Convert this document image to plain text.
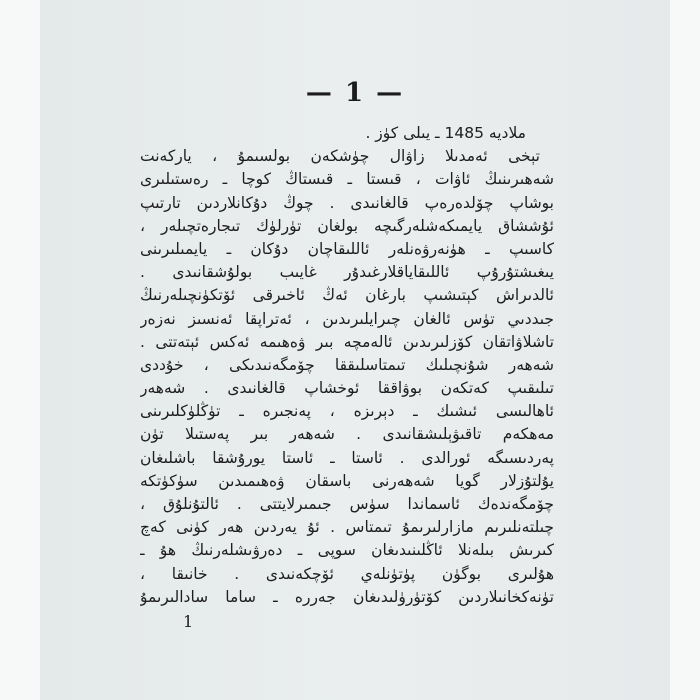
— 1 —
ملادیه 1485 ـ يىلى كۈز .
تېخى ئەمدىلا زاۋال چۈشكەن بولسىمۇ ، ياركەنت
شەھىرىنىڭ ئاۋات ، قىستا ـ قىستاڭ كوچا ـ رەستىلىرى
بوشاپ چۆلدەرەپ قالغانىدى . چوڭ دۇكانلاردىن تارتىپ
ئۇششاق يايمىكەشلەرگىچە بولغان تۈرلۈك تىجارەتچىلەر ،
كاسىپ ـ ھۈنەرۋەنلەر ئاللىقاچان دۇكان ـ يايمىلىرىنى
يىغىشتۇرۇپ ئاللىقاياقلارغىدۇر غايىب بولۇشقانىدى .
ئالدىراش كېتىشىپ بارغان ئەڭ ئاخىرقى ئۆتكۈنچىلەرنىڭ
جىددىي تۈس ئالغان چىرايلىرىدىن ، ئەتراپقا ئەنسىز نەزەر
تاشلاۋاتقان كۆزلىرىدىن ئالەمچە بىر ۋەھىمە ئەكس ئېتەتتى .
شەھەر شۇنچىلىك تىمتاسلىققا چۆمگەنىدىكى ، خۇددى
تىلىقىپ كەتكەن بوۋاققا ئوخشاپ قالغانىدى . شەھەر
ئاھالىسى ئىشىك ـ دېرىزە ، پەنجىرە ـ تۈڭلۈكلىرىنى
مەھكەم تاقىۋېلىشقانىدى . شەھەر بىر پەستىلا تۈن
پەردىسىگە ئورالدى . ئاستا ـ ئاستا يورۇشقا باشلىغان
يۇلتۇزلار گويا شەھەرنى باسقان ۋەھىمىدىن سۈكۈتكە
چۆمگەندەك ئاسماندا سۈس جىمىرلايتتى . ئالتۇنلۇق ،
چىلتەنلىرىم مازارلىرىمۇ تىمتاس . ئۇ يەردىن ھەر كۈنى كەچ
كىرىش بىلەنلا ئاڭلىنىدىغان سوپى ـ دەرۋىشلەرنىڭ ھۇ ـ
ھۇلىرى بوگۈن پۈتۈنلەي ئۆچكەنىدى . خانىقا ،
تۈنەكخانىلاردىن كۆتۈرۈلىدىغان جەررە ـ ساما سادالىرىمۇ
1
